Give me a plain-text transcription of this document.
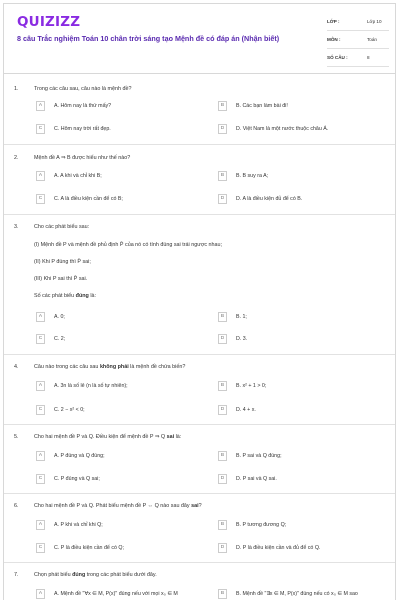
QUIZIZZ
8 câu Trắc nghiệm Toán 10 chân trời sáng tạo Mệnh đề có đáp án (Nhận biết)
LỚP :	Lớp 10
MÔN :	Toán
SỐ CÂU :	8
1.	Trong các câu sau, câu nào là mệnh đề?
A	A. Hôm nay là thứ mấy?	B	B. Các bạn làm bài đi!
C	C. Hôm nay trời rất đẹp.	D	D. Việt Nam là một nước thuộc châu Á.
2.	Mệnh đề A ⇒ B được hiểu như thế nào?
A	A. A khi và chỉ khi B;	B	B. B suy ra A;
C	C. A là điều kiện cần để có B;	D	D. A là điều kiện đủ để có B.
3.	Cho các phát biểu sau:
(I) Mệnh đề P và mệnh đề phủ định P̄ của nó có tính đúng sai trái ngược nhau;
(II) Khi P đúng thì P̄ sai;
(III) Khi P sai thì P̄ sai.
Số các phát biểu đúng là:
A	A. 0;	B	B. 1;
C	C. 2;	D	D. 3.
4.	Câu nào trong các câu sau không phải là mệnh đề chứa biến?
A	A. 3n là số lẻ (n là số tự nhiên);	B	B. x² + 1 > 0;
C	C. 2 − x² < 0;	D	D. 4 + x.
5.	Cho hai mệnh đề P và Q. Điều kiện để mệnh đề P ⇒ Q sai là:
A	A. P đúng và Q đúng;	B	B. P sai và Q đúng;
C	C. P đúng và Q sai;	D	D. P sai và Q sai.
6.	Cho hai mệnh đề P và Q. Phát biểu mệnh đề P ⇔ Q nào sau đây sai?
A	A. P khi và chỉ khi Q;	B	B. P tương đương Q;
C	C. P là điều kiện cần để có Q;	D	D. P là điều kiện cần và đủ để có Q.
7.	Chọn phát biểu đúng trong các phát biểu dưới đây.
A	A. Mệnh đề "∀x ∈ M, P(x)" đúng nếu với mọi x₀ ∈ M	B	B. Mệnh đề "∃x ∈ M, P(x)" đúng nếu có x₀ ∈ M sao
